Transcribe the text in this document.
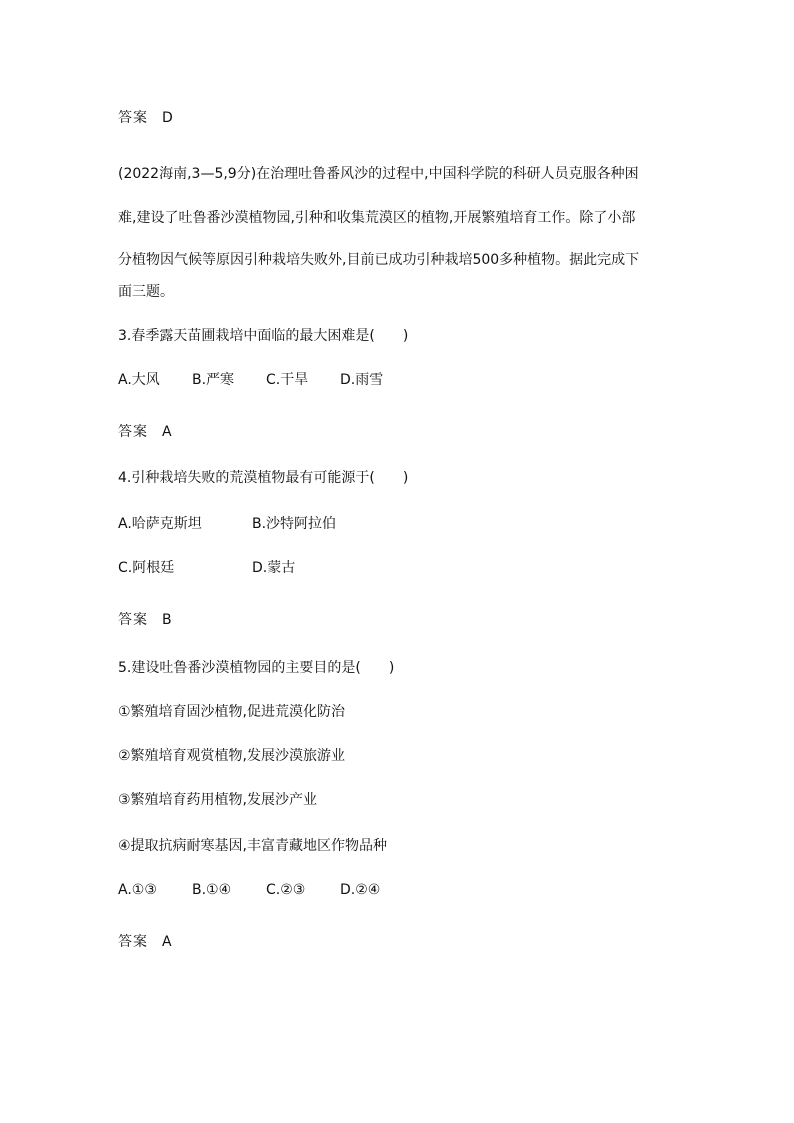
答案 D
(2022海南,3—5,9分)在治理吐鲁番风沙的过程中,中国科学院的科研人员克服各种困
难,建设了吐鲁番沙漠植物园,引种和收集荒漠区的植物,开展繁殖培育工作。除了小部
分植物因气候等原因引种栽培失败外,目前已成功引种栽培500多种植物。据此完成下
面三题。
3.春季露天苗圃栽培中面临的最大困难是(　　)
A.大风 B.严寒 C.干旱 D.雨雪
答案 A
4.引种栽培失败的荒漠植物最有可能源于(　　)
A.哈萨克斯坦	B.沙特阿拉伯
C.阿根廷	D.蒙古
答案 B
5.建设吐鲁番沙漠植物园的主要目的是(　　)
①繁殖培育固沙植物,促进荒漠化防治
②繁殖培育观赏植物,发展沙漠旅游业
③繁殖培育药用植物,发展沙产业
④提取抗病耐寒基因,丰富青藏地区作物品种
A.①③	B.①④ C.②③ D.②④
答案 A
